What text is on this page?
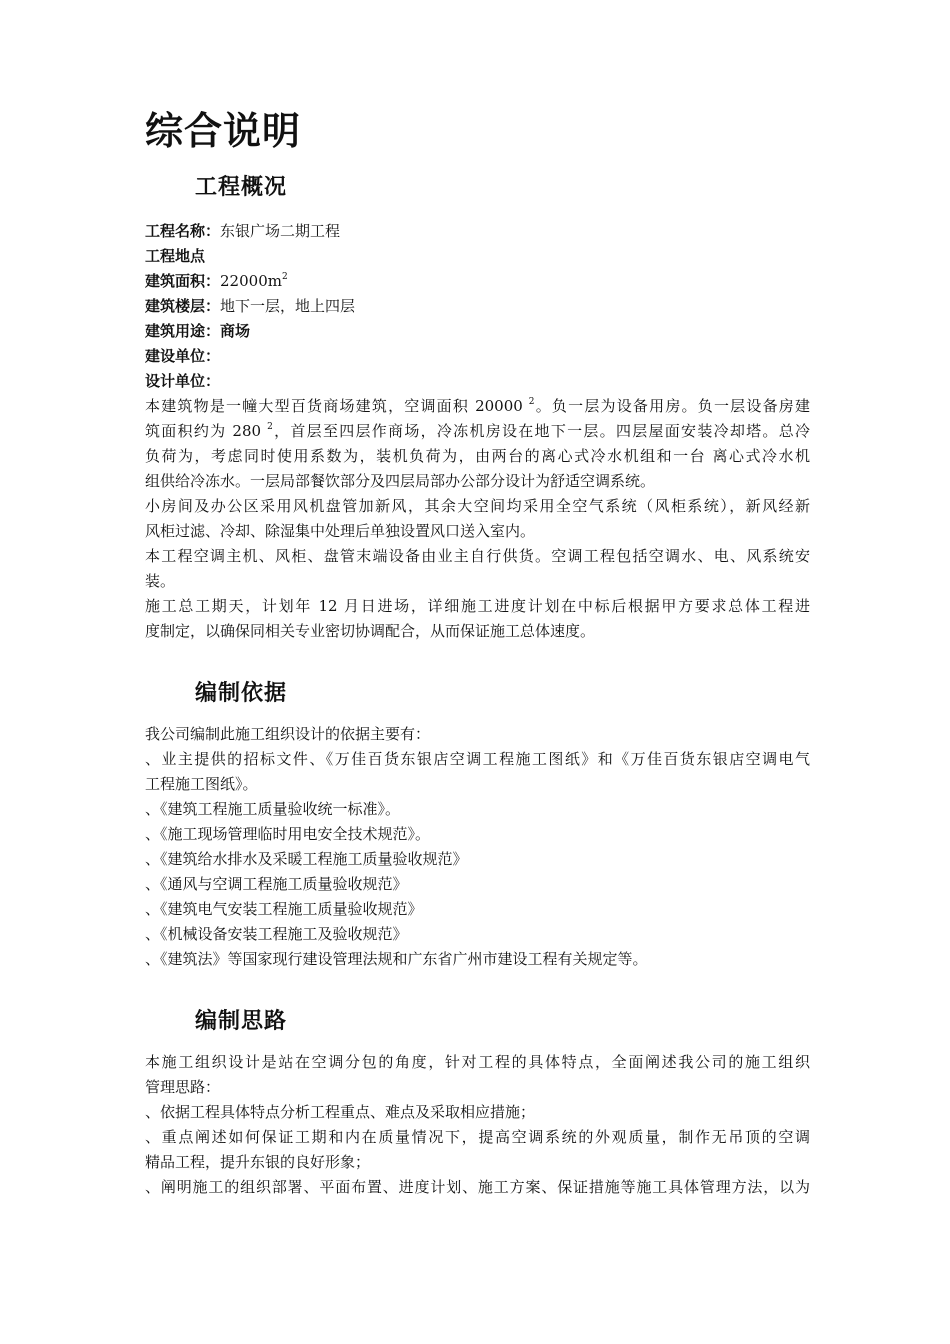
综合说明
工程概况
工程名称：东银广场二期工程
工程地点
建筑面积：$22000m^2$
建筑楼层：地下一层，地上四层
建筑用途：商场
建设单位：
设计单位：
本建筑物是一幢大型百货商场建筑，空调面积 20000 $^2$。负一层为设备用房。负一层设备房建
筑面积约为 280 $^2$，首层至四层作商场，冷冻机房设在地下一层。四层屋面安装冷却塔。总冷
负荷为，考虑同时使用系数为，装机负荷为，由两台的离心式冷水机组和一台 离心式冷水机
组供给冷冻水。一层局部餐饮部分及四层局部办公部分设计为舒适空调系统。
小房间及办公区采用风机盘管加新风，其余大空间均采用全空气系统（风柜系统），新风经新
风柜过滤、冷却、除湿集中处理后单独设置风口送入室内。
本工程空调主机、风柜、盘管末端设备由业主自行供货。空调工程包括空调水、电、风系统安
装。
施工总工期天，计划年 12 月日进场，详细施工进度计划在中标后根据甲方要求总体工程进
度制定，以确保同相关专业密切协调配合，从而保证施工总体速度。
编制依据
我公司编制此施工组织设计的依据主要有：
、业主提供的招标文件、《万佳百货东银店空调工程施工图纸》和《万佳百货东银店空调电气
工程施工图纸》。
、《建筑工程施工质量验收统一标准》。
、《施工现场管理临时用电安全技术规范》。
、《建筑给水排水及采暖工程施工质量验收规范》
、《通风与空调工程施工质量验收规范》
、《建筑电气安装工程施工质量验收规范》
、《机械设备安装工程施工及验收规范》
、《建筑法》等国家现行建设管理法规和广东省广州市建设工程有关规定等。
编制思路
本施工组织设计是站在空调分包的角度，针对工程的具体特点，全面阐述我公司的施工组织
管理思路：
、依据工程具体特点分析工程重点、难点及采取相应措施；
、重点阐述如何保证工期和内在质量情况下，提高空调系统的外观质量，制作无吊顶的空调
精品工程，提升东银的良好形象；
、阐明施工的组织部署、平面布置、进度计划、施工方案、保证措施等施工具体管理方法，以为
